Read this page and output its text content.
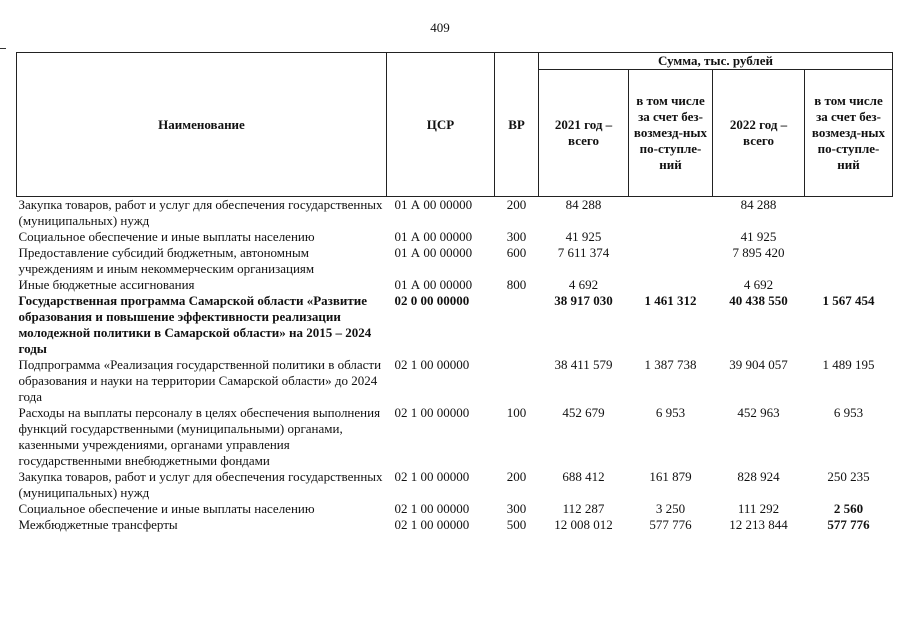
409
Наименование	ЦСР	ВР	Сумма, тыс. рублей			
			2021 год – всего	в том числе за счет без-возмезд-ных по-ступле-ний	2022 год – всего	в том числе за счет без-возмезд-ных по-ступле-ний
Закупка товаров, работ и услуг для обеспечения государственных (муниципальных) нужд	01 А 00 00000	200	84 288		84 288	
Социальное обеспечение и иные выплаты населению	01 А 00 00000	300	41 925		41 925	
Предоставление субсидий бюджетным, автономным учреждениям и иным некоммерческим организациям	01 А 00 00000	600	7 611 374		7 895 420	
Иные бюджетные ассигнования	01 А 00 00000	800	4 692		4 692	
Государственная программа Самарской области «Развитие образования и повышение эффективности реализации молодежной политики в Самарской области» на 2015 – 2024 годы	02 0 00 00000		38 917 030	1 461 312	40 438 550	1 567 454
Подпрограмма «Реализация государственной политики в области образования и науки на территории Самарской области» до 2024 года	02 1 00 00000		38 411 579	1 387 738	39 904 057	1 489 195
Расходы на выплаты персоналу в целях обеспечения выполнения функций государственными (муниципальными) органами, казенными учреждениями, органами управления государственными внебюджетными фондами	02 1 00 00000	100	452 679	6 953	452 963	6 953
Закупка товаров, работ и услуг для обеспечения государственных (муниципальных) нужд	02 1 00 00000	200	688 412	161 879	828 924	250 235
Социальное обеспечение и иные выплаты населению	02 1 00 00000	300	112 287	3 250	111 292	2 560
Межбюджетные трансферты	02 1 00 00000	500	12 008 012	577 776	12 213 844	577 776
